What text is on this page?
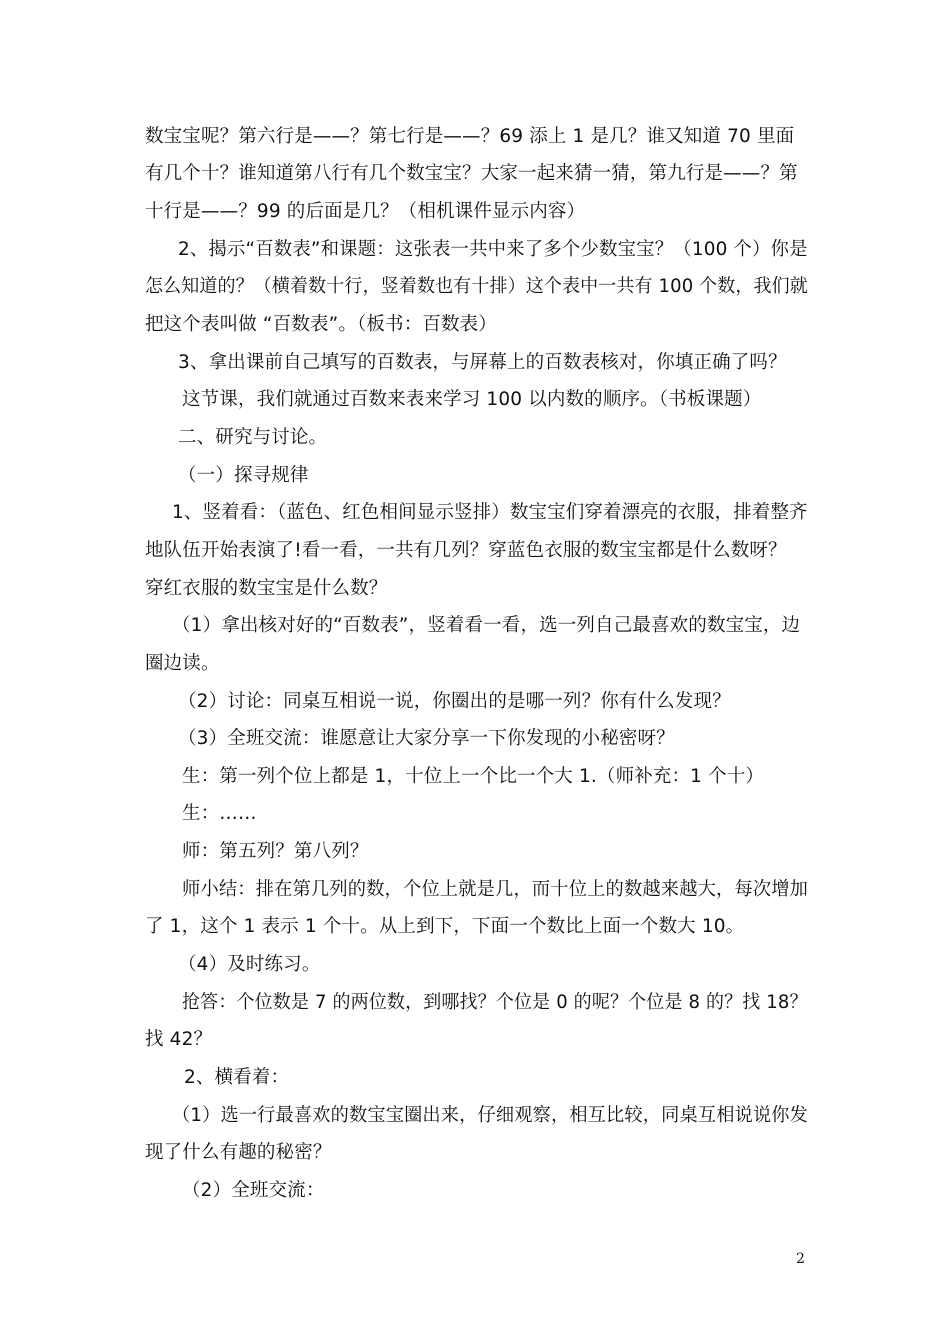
数宝宝呢？第六行是——？第七行是——？69 添上 1 是几？谁又知道 70 里面
有几个十？谁知道第八行有几个数宝宝？大家一起来猜一猜，第九行是——？第
十行是——？99 的后面是几？（相机课件显示内容）
2、揭示“百数表”和课题：这张表一共中来了多个少数宝宝？（100 个）你是
怎么知道的？（横着数十行，竖着数也有十排）这个表中一共有 100 个数，我们就
把这个表叫做 “百数表”。（板书：百数表）
3、拿出课前自己填写的百数表，与屏幕上的百数表核对，你填正确了吗？
这节课，我们就通过百数来表来学习 100 以内数的顺序。（书板课题）
二、研究与讨论。
（一）探寻规律
1、竖着看：（蓝色、红色相间显示竖排）数宝宝们穿着漂亮的衣服，排着整齐
地队伍开始表演了!看一看，一共有几列？穿蓝色衣服的数宝宝都是什么数呀？
穿红衣服的数宝宝是什么数？
（1）拿出核对好的“百数表”，竖着看一看，选一列自己最喜欢的数宝宝，边
圈边读。
（2）讨论：同桌互相说一说，你圈出的是哪一列？你有什么发现？
（3）全班交流：谁愿意让大家分享一下你发现的小秘密呀？
生：第一列个位上都是 1，十位上一个比一个大 1.（师补充：1 个十）
生：……
师：第五列？第八列？
师小结：排在第几列的数，个位上就是几，而十位上的数越来越大，每次增加
了 1，这个 1 表示 1 个十。从上到下，下面一个数比上面一个数大 10。
（4）及时练习。
抢答：个位数是 7 的两位数，到哪找？个位是 0 的呢？个位是 8 的？找 18？
找 42？
2、横看着：
（1）选一行最喜欢的数宝宝圈出来，仔细观察，相互比较，同桌互相说说你发
现了什么有趣的秘密？
（2）全班交流：
2
